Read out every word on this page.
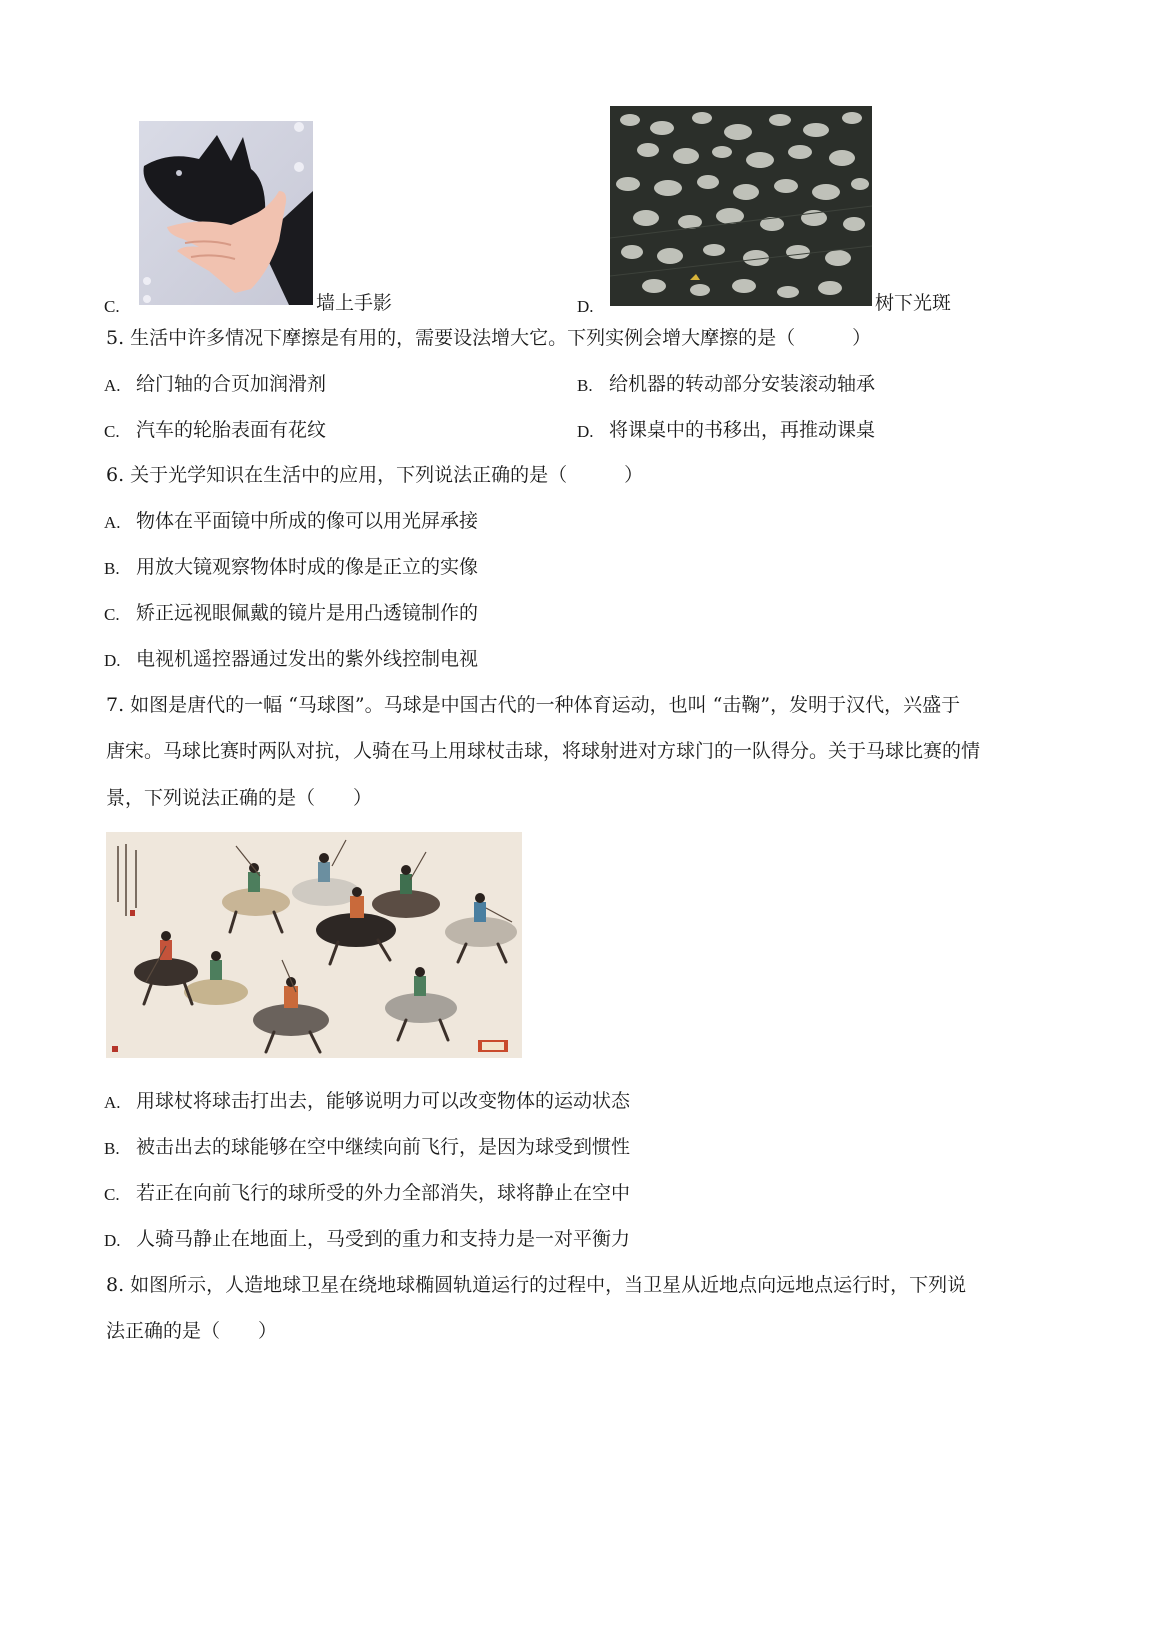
C.	墙上手影	D.	树下光斑
5. 生活中许多情况下摩擦是有用的，需要设法增大它。下列实例会增大摩擦的是（　　　）
A. 给门轴的合页加润滑剂	B. 给机器的转动部分安装滚动轴承
C. 汽车的轮胎表面有花纹	D. 将课桌中的书移出，再推动课桌
6. 关于光学知识在生活中的应用，下列说法正确的是（　　　）
A. 物体在平面镜中所成的像可以用光屏承接
B. 用放大镜观察物体时成的像是正立的实像
C. 矫正远视眼佩戴的镜片是用凸透镜制作的
D. 电视机遥控器通过发出的紫外线控制电视
7. 如图是唐代的一幅 “马球图”。马球是中国古代的一种体育运动，也叫 “击鞠”，发明于汉代，兴盛于
唐宋。马球比赛时两队对抗，人骑在马上用球杖击球，将球射进对方球门的一队得分。关于马球比赛的情
景，下列说法正确的是（　　）
A. 用球杖将球击打出去，能够说明力可以改变物体的运动状态
B. 被击出去的球能够在空中继续向前飞行，是因为球受到惯性
C. 若正在向前飞行的球所受的外力全部消失，球将静止在空中
D. 人骑马静止在地面上，马受到的重力和支持力是一对平衡力
8. 如图所示，人造地球卫星在绕地球椭圆轨道运行的过程中，当卫星从近地点向远地点运行时，下列说
法正确的是（　　）
